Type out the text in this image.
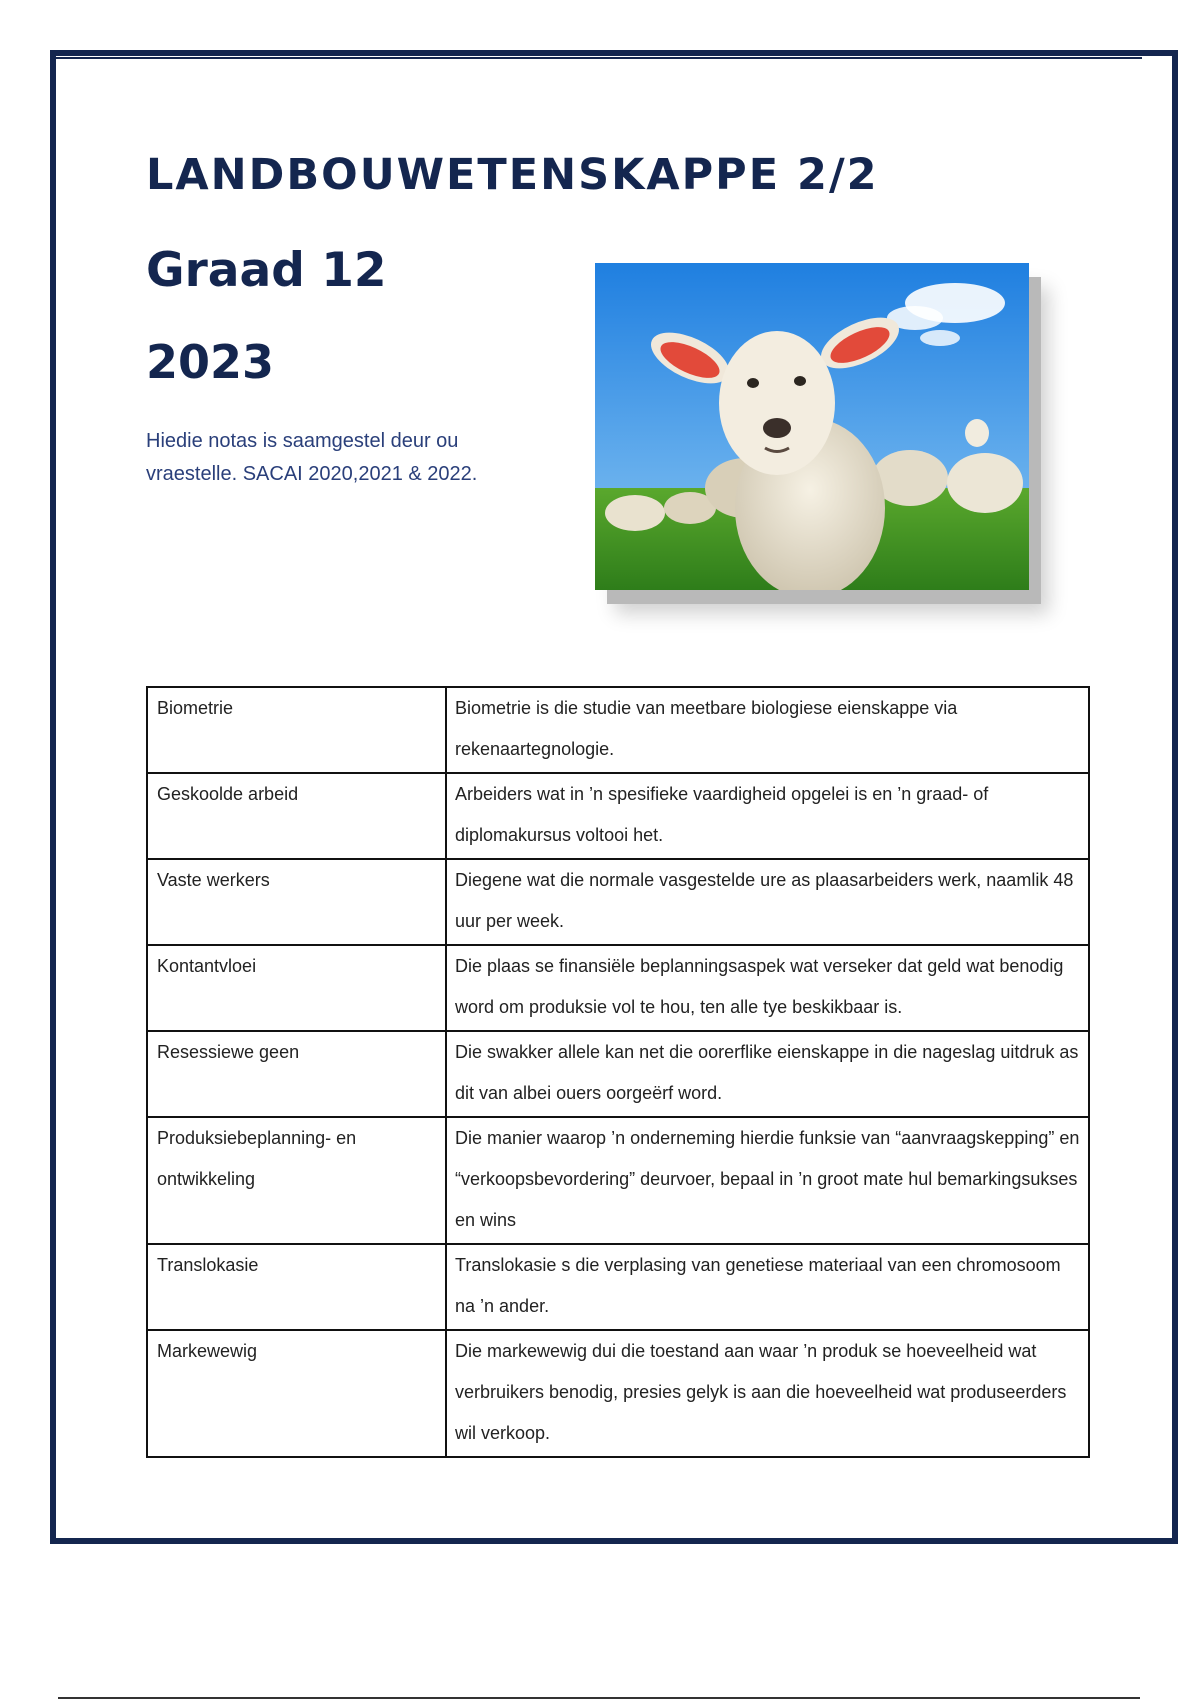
LANDBOUWETENSKAPPE 2/2
Graad 12
2023

Hiedie notas is saamgestel deur ou vraestelle. SACAI 2020,2021 & 2022.

Biometrie	Biometrie is die studie van meetbare biologiese eienskappe via rekenaartegnologie.
Geskoolde arbeid	Arbeiders wat in ’n spesifieke vaardigheid opgelei is en ’n graad- of diplomakursus voltooi het.
Vaste werkers	Diegene wat die normale vasgestelde ure as plaasarbeiders werk, naamlik 48 uur per week.
Kontantvloei	Die plaas se finansiële beplanningsaspek wat verseker dat geld wat benodig word om produksie vol te hou, ten alle tye beskikbaar is.
Resessiewe geen	Die swakker allele kan net die oorerflike eienskappe in die nageslag uitdruk as dit van albei ouers oorgeërf word.
Produksiebeplanning- en ontwikkeling	Die manier waarop ’n onderneming hierdie funksie van “aanvraagskepping” en “verkoopsbevordering” deurvoer, bepaal in ’n groot mate hul bemarkingsukses en wins
Translokasie	Translokasie s die verplasing van genetiese materiaal van een chromosoom na ’n ander.
Markewewig	Die markewewig dui die toestand aan waar ’n produk se hoeveelheid wat verbruikers benodig, presies gelyk is aan die hoeveelheid wat produseerders wil verkoop.
